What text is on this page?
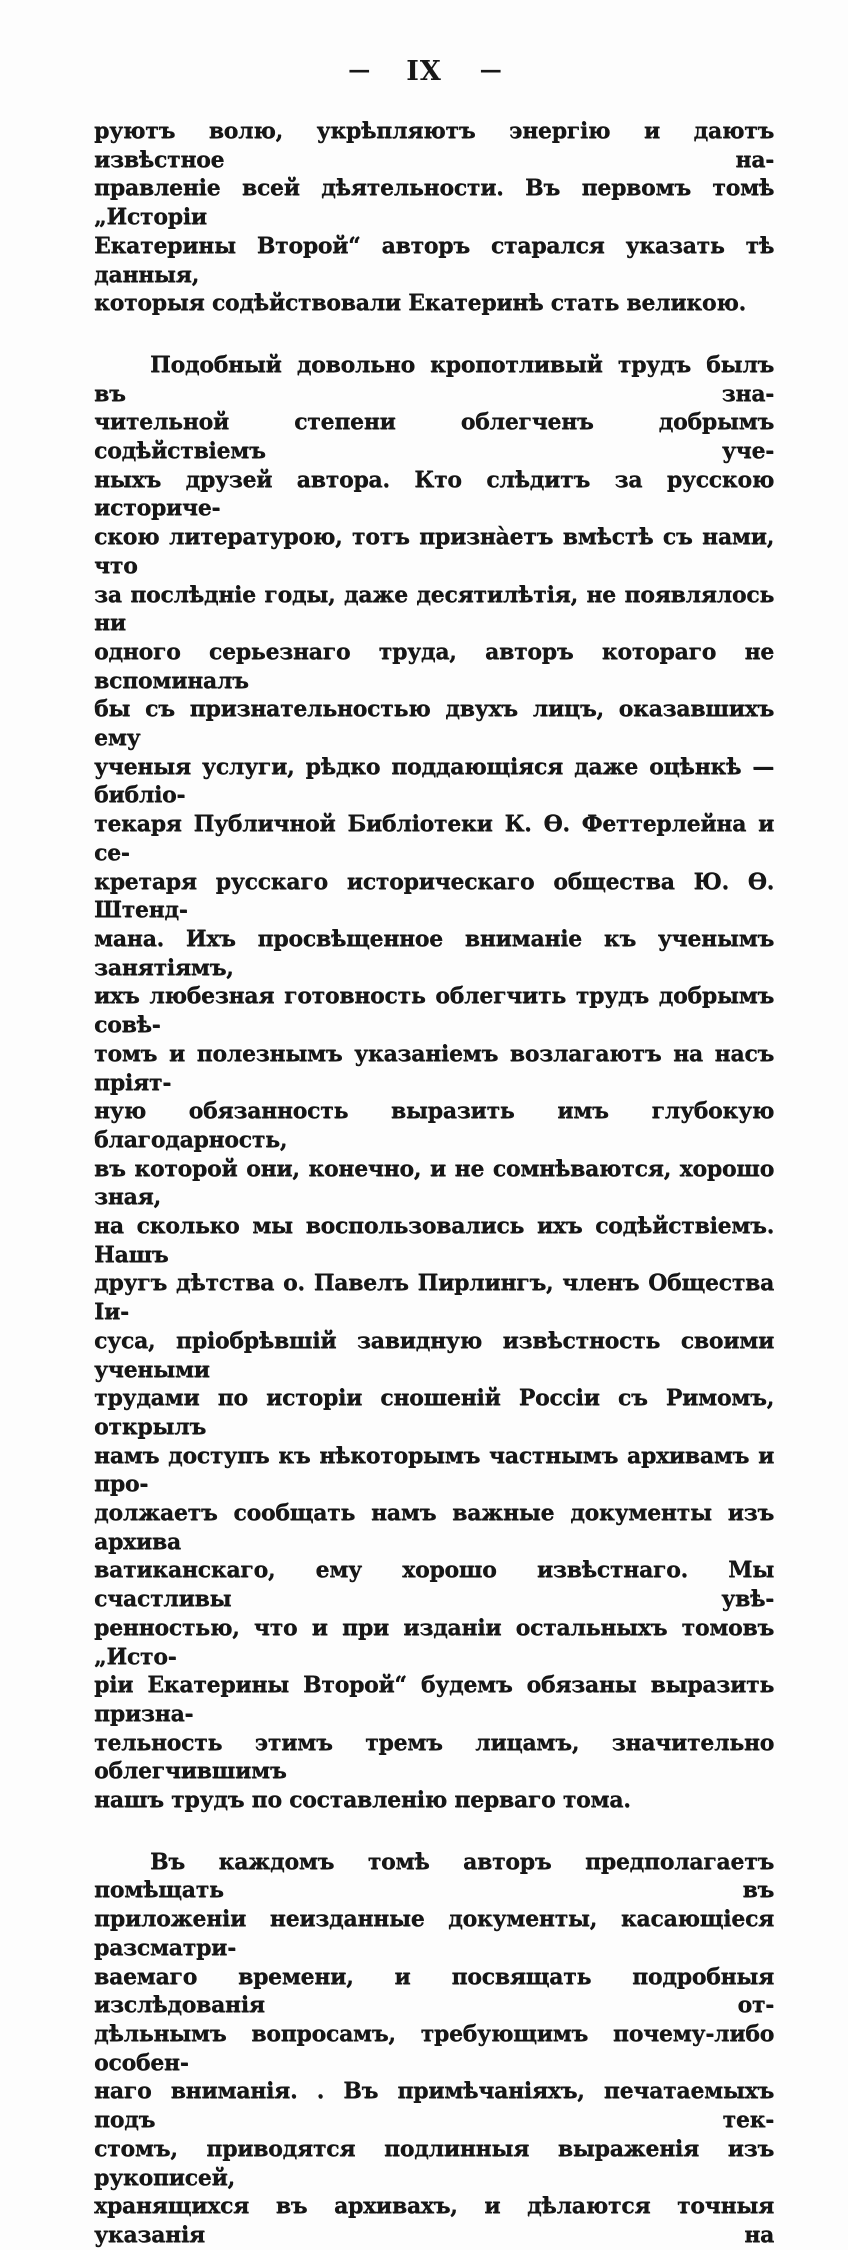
— IX —
руютъ волю, укрѣпляютъ энергію и даютъ извѣстное на-
правленіе всей дѣятельности. Въ первомъ томѣ „Исторіи
Екатерины Второй“ авторъ старался указать тѣ данныя,
которыя содѣйствовали Екатеринѣ стать великою.
Подобный довольно кропотливый трудъ былъ въ зна-
чительной степени облегченъ добрымъ содѣйствіемъ уче-
ныхъ друзей автора. Кто слѣдитъ за русскою историче-
скою литературою, тотъ призна̀етъ вмѣстѣ съ нами, что
за послѣдніе годы, даже десятилѣтія, не появлялось ни
одного серьезнаго труда, авторъ котораго не вспоминалъ
бы съ признательностью двухъ лицъ, оказавшихъ ему
ученыя услуги, рѣдко поддающіяся даже оцѣнкѣ — библіо-
текаря Публичной Библіотеки К. Ѳ. Феттерлейна и се-
кретаря русскаго историческаго общества Ю. Ѳ. Штенд-
мана. Ихъ просвѣщенное вниманіе къ ученымъ занятіямъ,
ихъ любезная готовность облегчить трудъ добрымъ совѣ-
томъ и полезнымъ указаніемъ возлагаютъ на насъ пріят-
ную обязанность выразить имъ глубокую благодарность,
въ которой они, конечно, и не сомнѣваются, хорошо зная,
на сколько мы воспользовались ихъ содѣйствіемъ. Нашъ
другъ дѣтства о. Павелъ Пирлингъ, членъ Общества Іи-
суса, пріобрѣвшій завидную извѣстность своими учеными
трудами по исторіи сношеній Россіи съ Римомъ, открылъ
намъ доступъ къ нѣкоторымъ частнымъ архивамъ и про-
должаетъ сообщать намъ важные документы изъ архива
ватиканскаго, ему хорошо извѣстнаго. Мы счастливы увѣ-
ренностью, что и при изданіи остальныхъ томовъ „Исто-
ріи Екатерины Второй“ будемъ обязаны выразить призна-
тельность этимъ тремъ лицамъ, значительно облегчившимъ
нашъ трудъ по составленію перваго тома.
Въ каждомъ томѣ авторъ предполагаетъ помѣщать въ
приложеніи неизданные документы, касающіеся разсматри-
ваемаго времени, и посвящать подробныя изслѣдованія от-
дѣльнымъ вопросамъ, требующимъ почему-либо особен-
наго вниманія. . Въ примѣчаніяхъ, печатаемыхъ подъ тек-
стомъ, приводятся подлинныя выраженія изъ рукописей,
хранящихся въ архивахъ, и дѣлаются точныя указанія на
